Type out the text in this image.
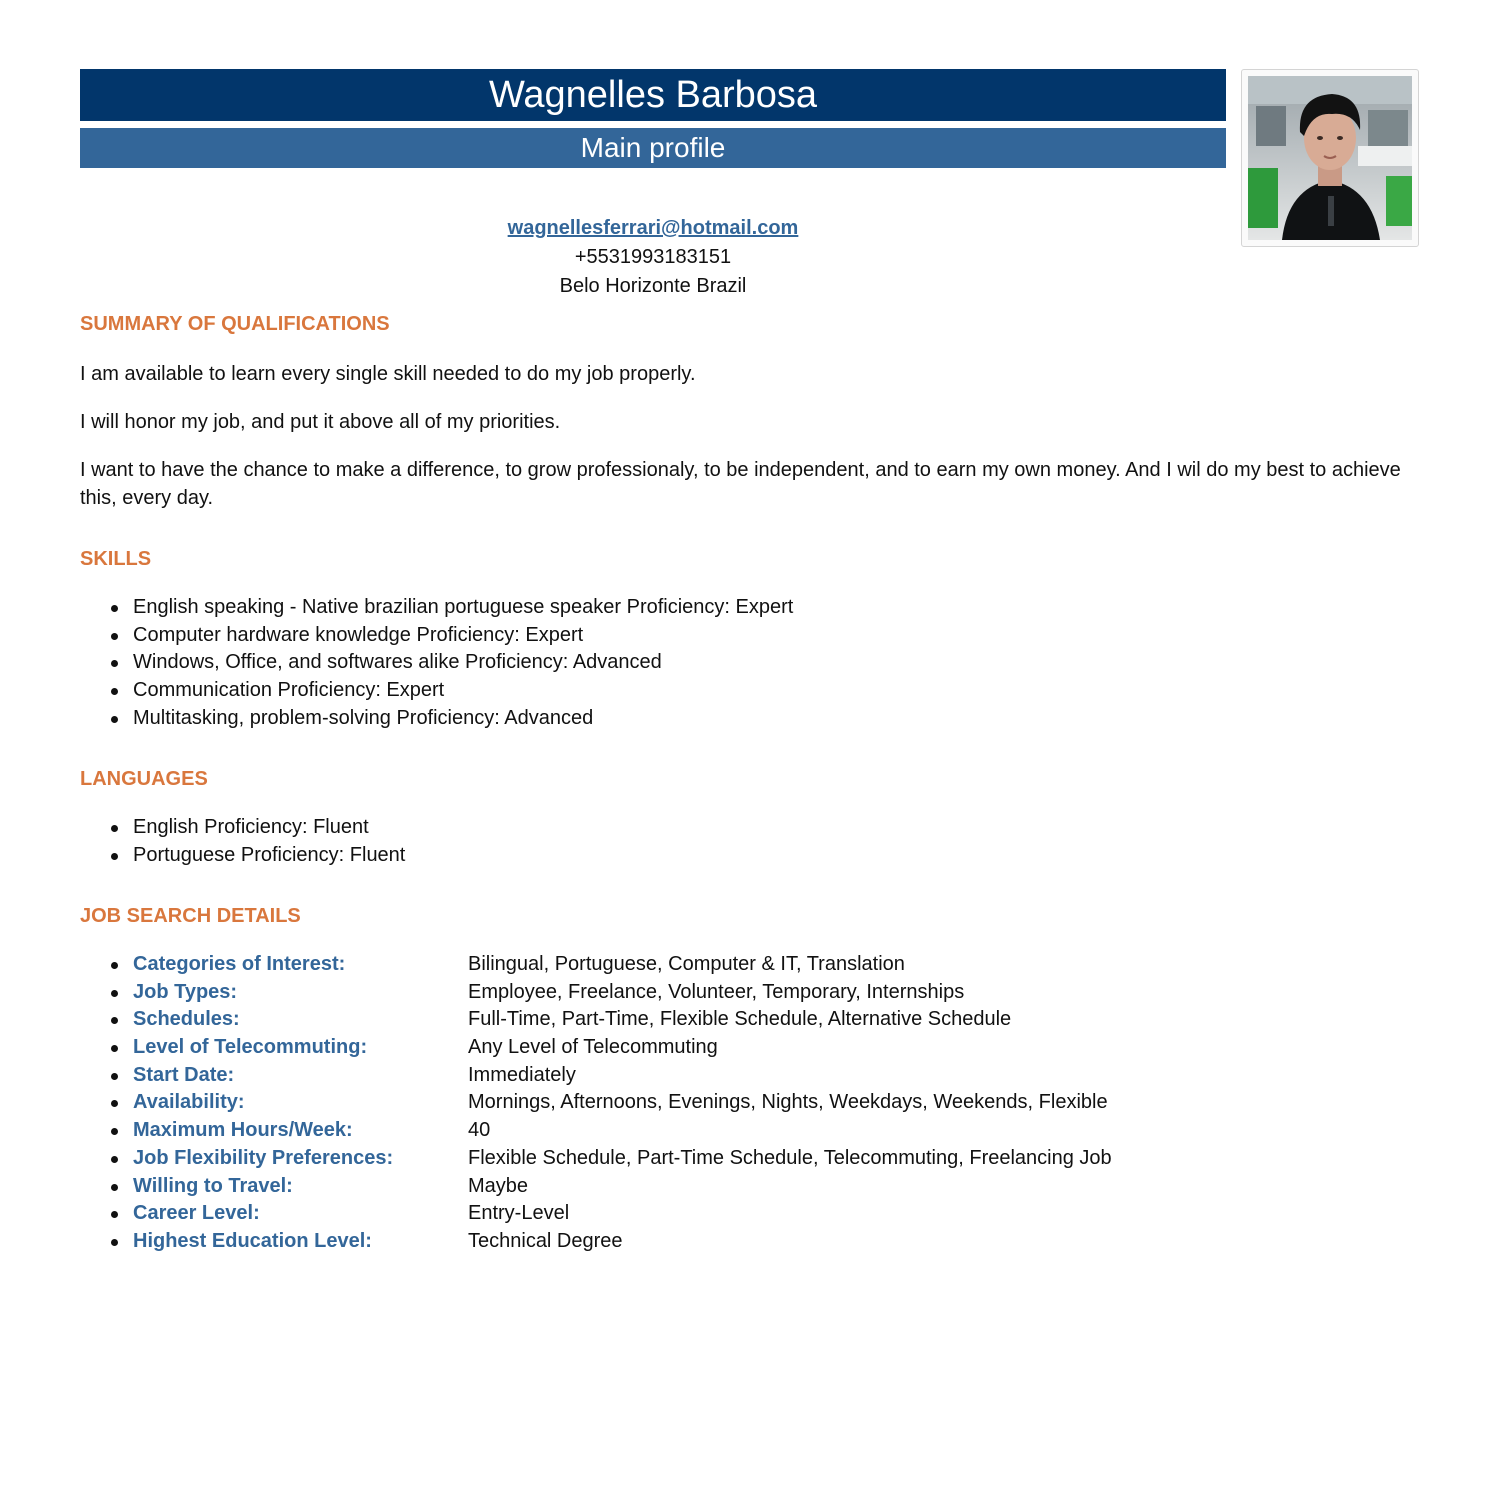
Wagnelles Barbosa
Main profile
wagnellesferrari@hotmail.com
+5531993183151
Belo Horizonte Brazil
SUMMARY OF QUALIFICATIONS

I am available to learn every single skill needed to do my job properly.

I will honor my job, and put it above all of my priorities.

I want to have the chance to make a difference, to grow professionaly, to be independent, and to earn my own money. And I wil do my best to achieve this, every day.

SKILLS
English speaking - Native brazilian portuguese speaker Proficiency: Expert
Computer hardware knowledge Proficiency: Expert
Windows, Office, and softwares alike Proficiency: Advanced
Communication Proficiency: Expert
Multitasking, problem-solving Proficiency: Advanced
LANGUAGES
English Proficiency: Fluent
Portuguese Proficiency: Fluent
JOB SEARCH DETAILS
Categories of Interest:	Bilingual, Portuguese, Computer & IT, Translation
Job Types:	Employee, Freelance, Volunteer, Temporary, Internships
Schedules:	Full-Time, Part-Time, Flexible Schedule, Alternative Schedule
Level of Telecommuting:	Any Level of Telecommuting
Start Date:	Immediately
Availability:	Mornings, Afternoons, Evenings, Nights, Weekdays, Weekends, Flexible
Maximum Hours/Week:	40
Job Flexibility Preferences:	Flexible Schedule, Part-Time Schedule, Telecommuting, Freelancing Job
Willing to Travel:	Maybe
Career Level:	Entry-Level
Highest Education Level:	Technical Degree
